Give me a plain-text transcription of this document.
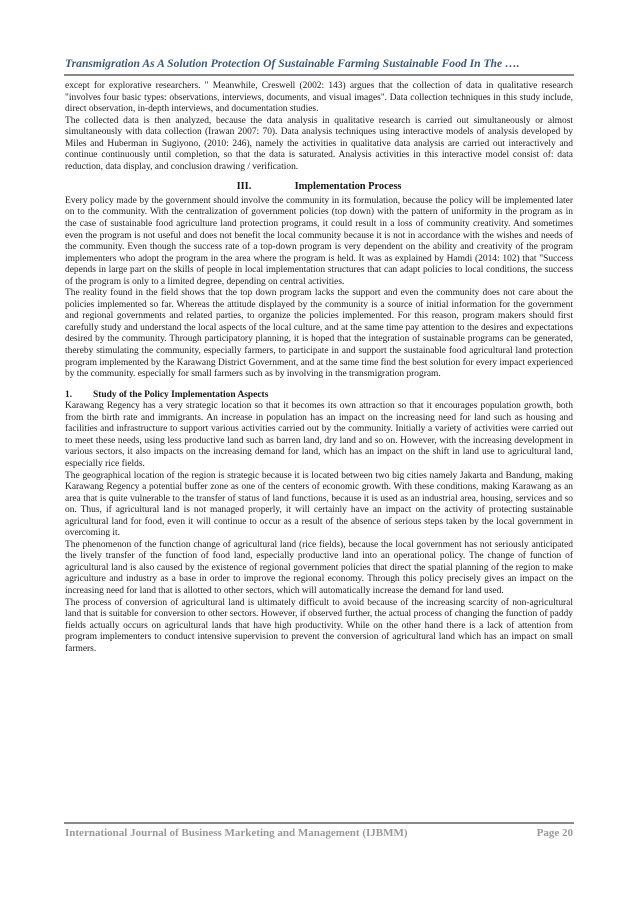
Transmigration As A Solution Protection Of Sustainable Farming Sustainable Food In The ….

except for explorative researchers. " Meanwhile, Creswell (2002: 143) argues that the collection of data in qualitative research "involves four basic types: observations, interviews, documents, and visual images". Data collection techniques in this study include, direct observation, in-depth interviews, and documentation studies.

The collected data is then analyzed, because the data analysis in qualitative research is carried out simultaneously or almost simultaneously with data collection (Irawan 2007: 70). Data analysis techniques using interactive models of analysis developed by Miles and Huberman in Sugiyono, (2010: 246), namely the activities in qualitative data analysis are carried out interactively and continue continuously until completion, so that the data is saturated. Analysis activities in this interactive model consist of: data reduction, data display, and conclusion drawing / verification.

III.	Implementation Process

Every policy made by the government should involve the community in its formulation, because the policy will be implemented later on to the community. With the centralization of government policies (top down) with the pattern of uniformity in the program as in the case of sustainable food agriculture land protection programs, it could result in a loss of community creativity. And sometimes even the program is not useful and does not benefit the local community because it is not in accordance with the wishes and needs of the community. Even though the success rate of a top-down program is very dependent on the ability and creativity of the program implementers who adopt the program in the area where the program is held. It was as explained by Hamdi (2014: 102) that "Success depends in large part on the skills of people in local implementation structures that can adapt policies to local conditions, the success of the program is only to a limited degree, depending on central activities.

The reality found in the field shows that the top down program lacks the support and even the community does not care about the policies implemented so far. Whereas the attitude displayed by the community is a source of initial information for the government and regional governments and related parties, to organize the policies implemented. For this reason, program makers should first carefully study and understand the local aspects of the local culture, and at the same time pay attention to the desires and expectations desired by the community. Through participatory planning, it is hoped that the integration of sustainable programs can be generated, thereby stimulating the community, especially farmers, to participate in and support the sustainable food agricultural land protection program implemented by the Karawang District Government, and at the same time find the best solution for every impact experienced by the community. especially for small farmers such as by involving in the transmigration program.

1. Study of the Policy Implementation Aspects

Karawang Regency has a very strategic location so that it becomes its own attraction so that it encourages population growth, both from the birth rate and immigrants. An increase in population has an impact on the increasing need for land such as housing and facilities and infrastructure to support various activities carried out by the community. Initially a variety of activities were carried out to meet these needs, using less productive land such as barren land, dry land and so on. However, with the increasing development in various sectors, it also impacts on the increasing demand for land, which has an impact on the shift in land use to agricultural land, especially rice fields.

The geographical location of the region is strategic because it is located between two big cities namely Jakarta and Bandung, making Karawang Regency a potential buffer zone as one of the centers of economic growth. With these conditions, making Karawang as an area that is quite vulnerable to the transfer of status of land functions, because it is used as an industrial area, housing, services and so on. Thus, if agricultural land is not managed properly, it will certainly have an impact on the activity of protecting sustainable agricultural land for food, even it will continue to occur as a result of the absence of serious steps taken by the local government in overcoming it.

The phenomenon of the function change of agricultural land (rice fields), because the local government has not seriously anticipated the lively transfer of the function of food land, especially productive land into an operational policy. The change of function of agricultural land is also caused by the existence of regional government policies that direct the spatial planning of the region to make agriculture and industry as a base in order to improve the regional economy. Through this policy precisely gives an impact on the increasing need for land that is allotted to other sectors, which will automatically increase the demand for land used.

The process of conversion of agricultural land is ultimately difficult to avoid because of the increasing scarcity of non-agricultural land that is suitable for conversion to other sectors. However, if observed further, the actual process of changing the function of paddy fields actually occurs on agricultural lands that have high productivity. While on the other hand there is a lack of attention from program implementers to conduct intensive supervision to prevent the conversion of agricultural land which has an impact on small farmers.

International Journal of Business Marketing and Management (IJBMM)	Page 20
